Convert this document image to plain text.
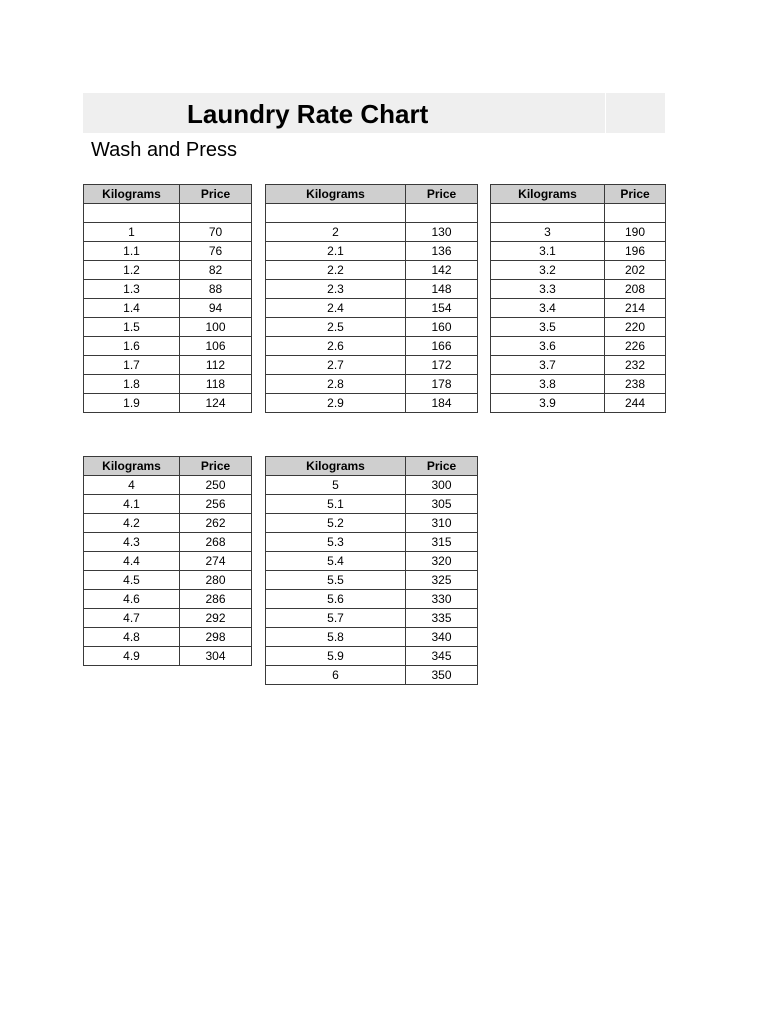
Laundry Rate Chart
Wash and Press
Kilograms	Price

1	70
1.1	76
1.2	82
1.3	88
1.4	94
1.5	100
1.6	106
1.7	112
1.8	118
1.9	124
Kilograms	Price

2	130
2.1	136
2.2	142
2.3	148
2.4	154
2.5	160
2.6	166
2.7	172
2.8	178
2.9	184
Kilograms	Price

3	190
3.1	196
3.2	202
3.3	208
3.4	214
3.5	220
3.6	226
3.7	232
3.8	238
3.9	244
Kilograms	Price
4	250
4.1	256
4.2	262
4.3	268
4.4	274
4.5	280
4.6	286
4.7	292
4.8	298
4.9	304
Kilograms	Price
5	300
5.1	305
5.2	310
5.3	315
5.4	320
5.5	325
5.6	330
5.7	335
5.8	340
5.9	345
6	350
